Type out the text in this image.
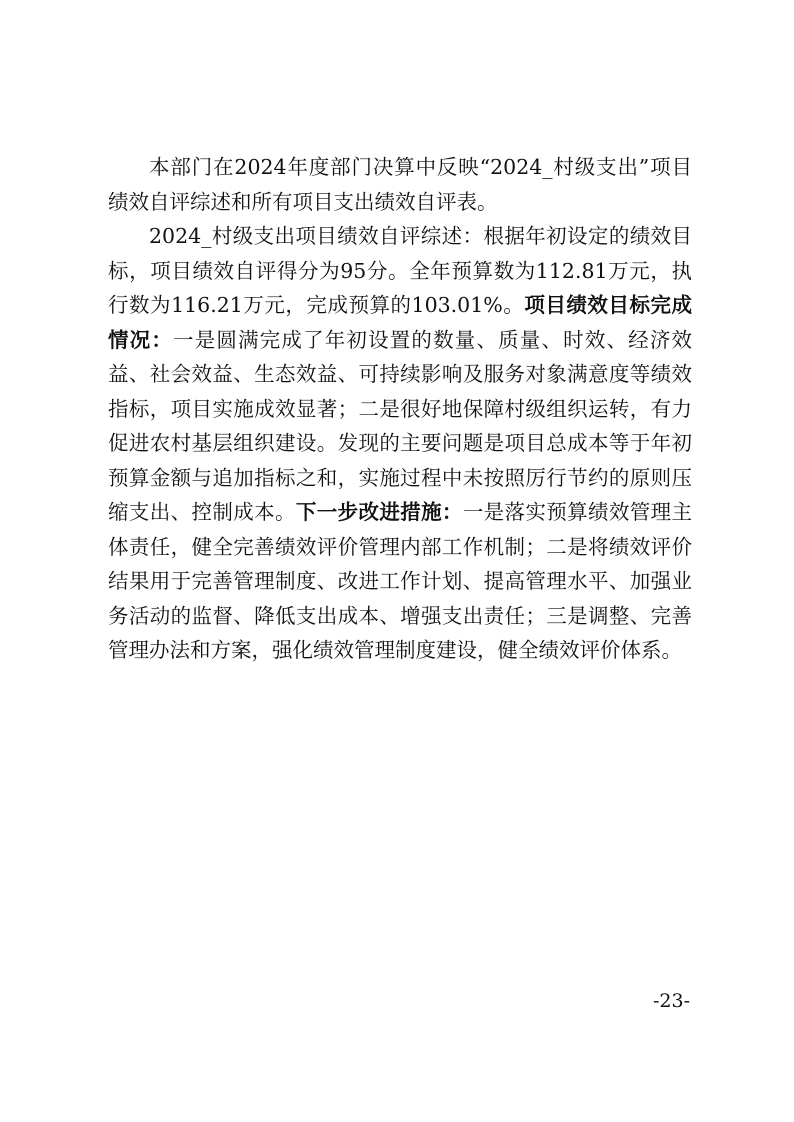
本部门在2024年度部门决算中反映“2024_村级支出”项目绩效自评综述和所有项目支出绩效自评表。

2024_村级支出项目绩效自评综述：根据年初设定的绩效目标，项目绩效自评得分为95分。全年预算数为112.81万元，执行数为116.21万元，完成预算的103.01%。项目绩效目标完成情况：一是圆满完成了年初设置的数量、质量、时效、经济效益、社会效益、生态效益、可持续影响及服务对象满意度等绩效指标，项目实施成效显著；二是很好地保障村级组织运转，有力促进农村基层组织建设。发现的主要问题是项目总成本等于年初预算金额与追加指标之和，实施过程中未按照厉行节约的原则压缩支出、控制成本。下一步改进措施：一是落实预算绩效管理主体责任，健全完善绩效评价管理内部工作机制；二是将绩效评价结果用于完善管理制度、改进工作计划、提高管理水平、加强业务活动的监督、降低支出成本、增强支出责任；三是调整、完善管理办法和方案，强化绩效管理制度建设，健全绩效评价体系。

-23-
